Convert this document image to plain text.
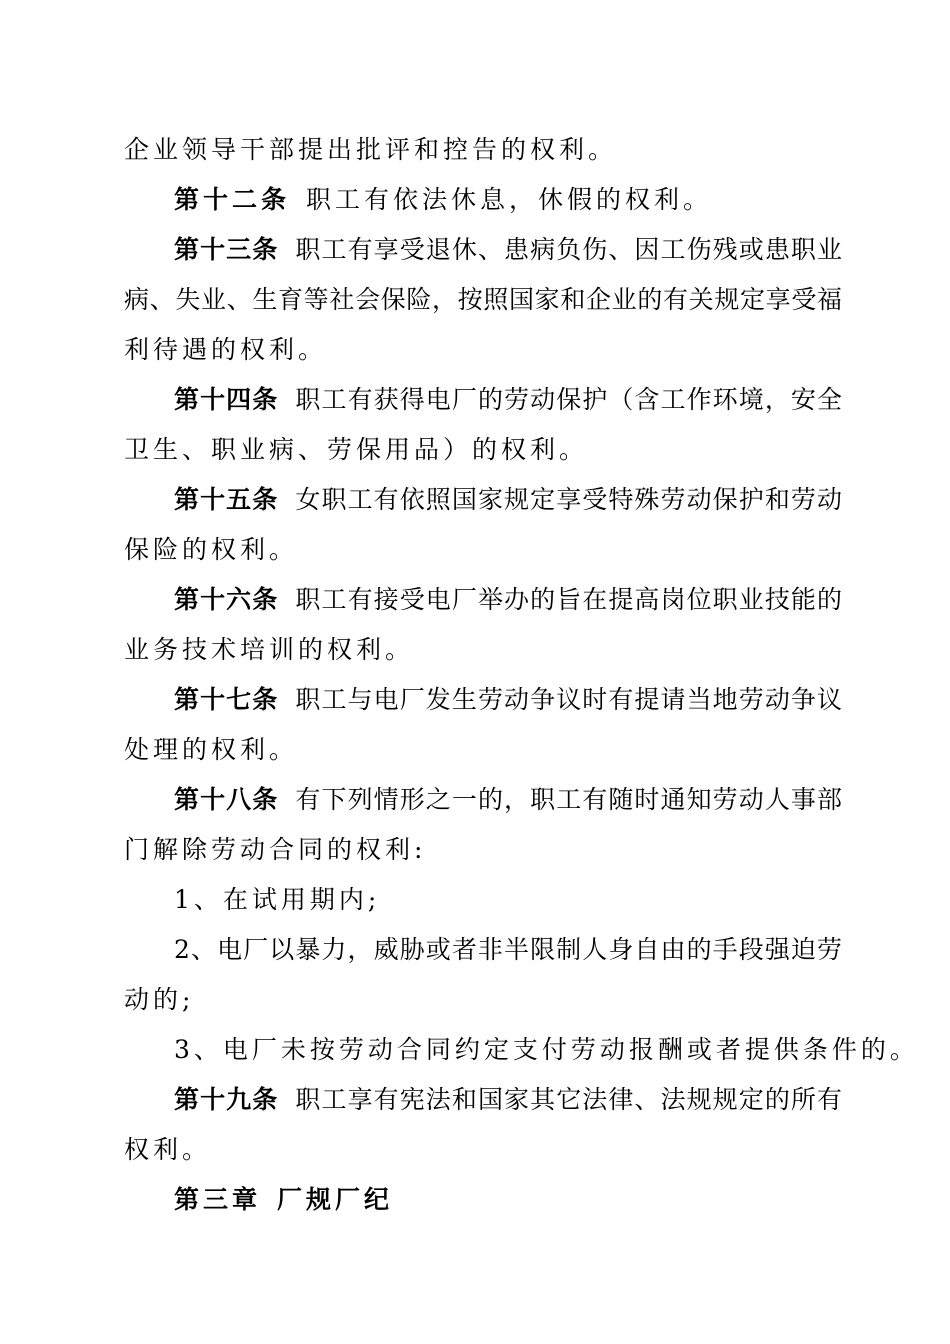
企业领导干部提出批评和控告的权利。
第十二条 职工有依法休息，休假的权利。
第十三条 职工有享受退休、患病负伤、因工伤残或患职业
病、失业、生育等社会保险，按照国家和企业的有关规定享受福
利待遇的权利。
第十四条 职工有获得电厂的劳动保护（含工作环境，安全
卫生、职业病、劳保用品）的权利。
第十五条 女职工有依照国家规定享受特殊劳动保护和劳动
保险的权利。
第十六条 职工有接受电厂举办的旨在提高岗位职业技能的
业务技术培训的权利。
第十七条 职工与电厂发生劳动争议时有提请当地劳动争议
处理的权利。
第十八条 有下列情形之一的，职工有随时通知劳动人事部
门解除劳动合同的权利:
1、在试用期内;
2、电厂以暴力，威胁或者非半限制人身自由的手段强迫劳
动的;
3、电厂未按劳动合同约定支付劳动报酬或者提供条件的。
第十九条 职工享有宪法和国家其它法律、法规规定的所有
权利。
第三章 厂规厂纪
